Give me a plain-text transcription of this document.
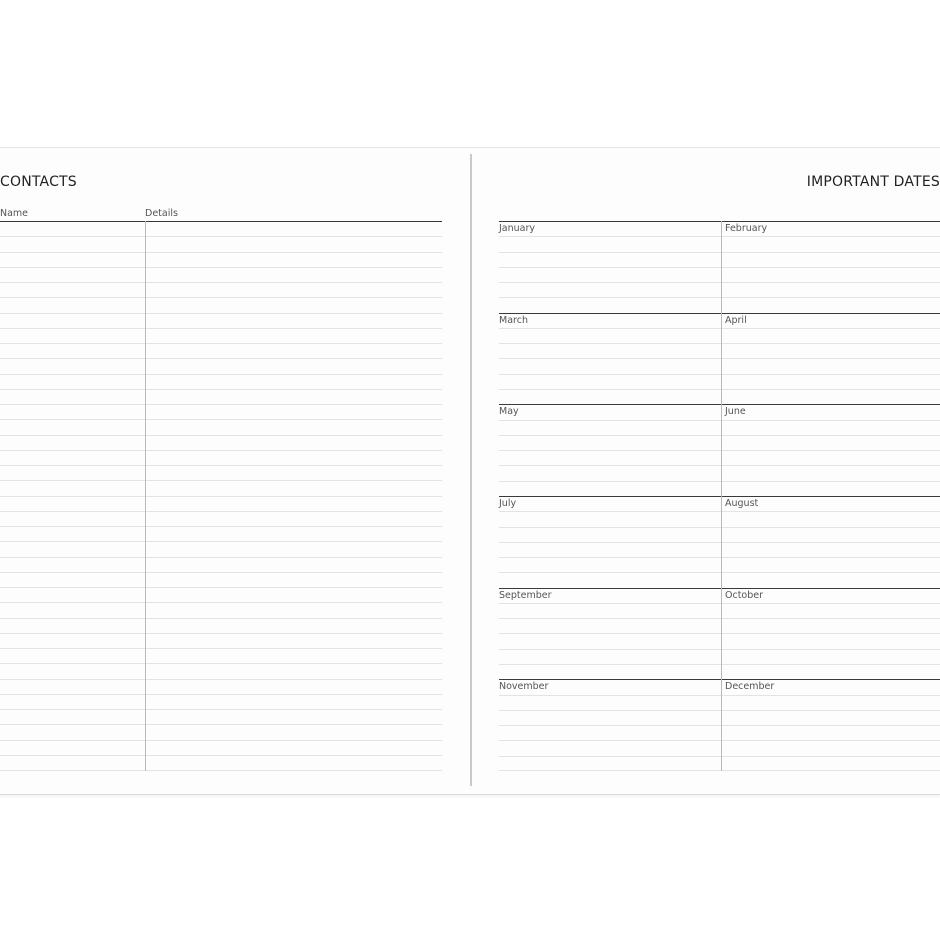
CONTACTS
Name	Details
IMPORTANT DATES
January	February
March	April
May	June
July	August
September	October
November	December
